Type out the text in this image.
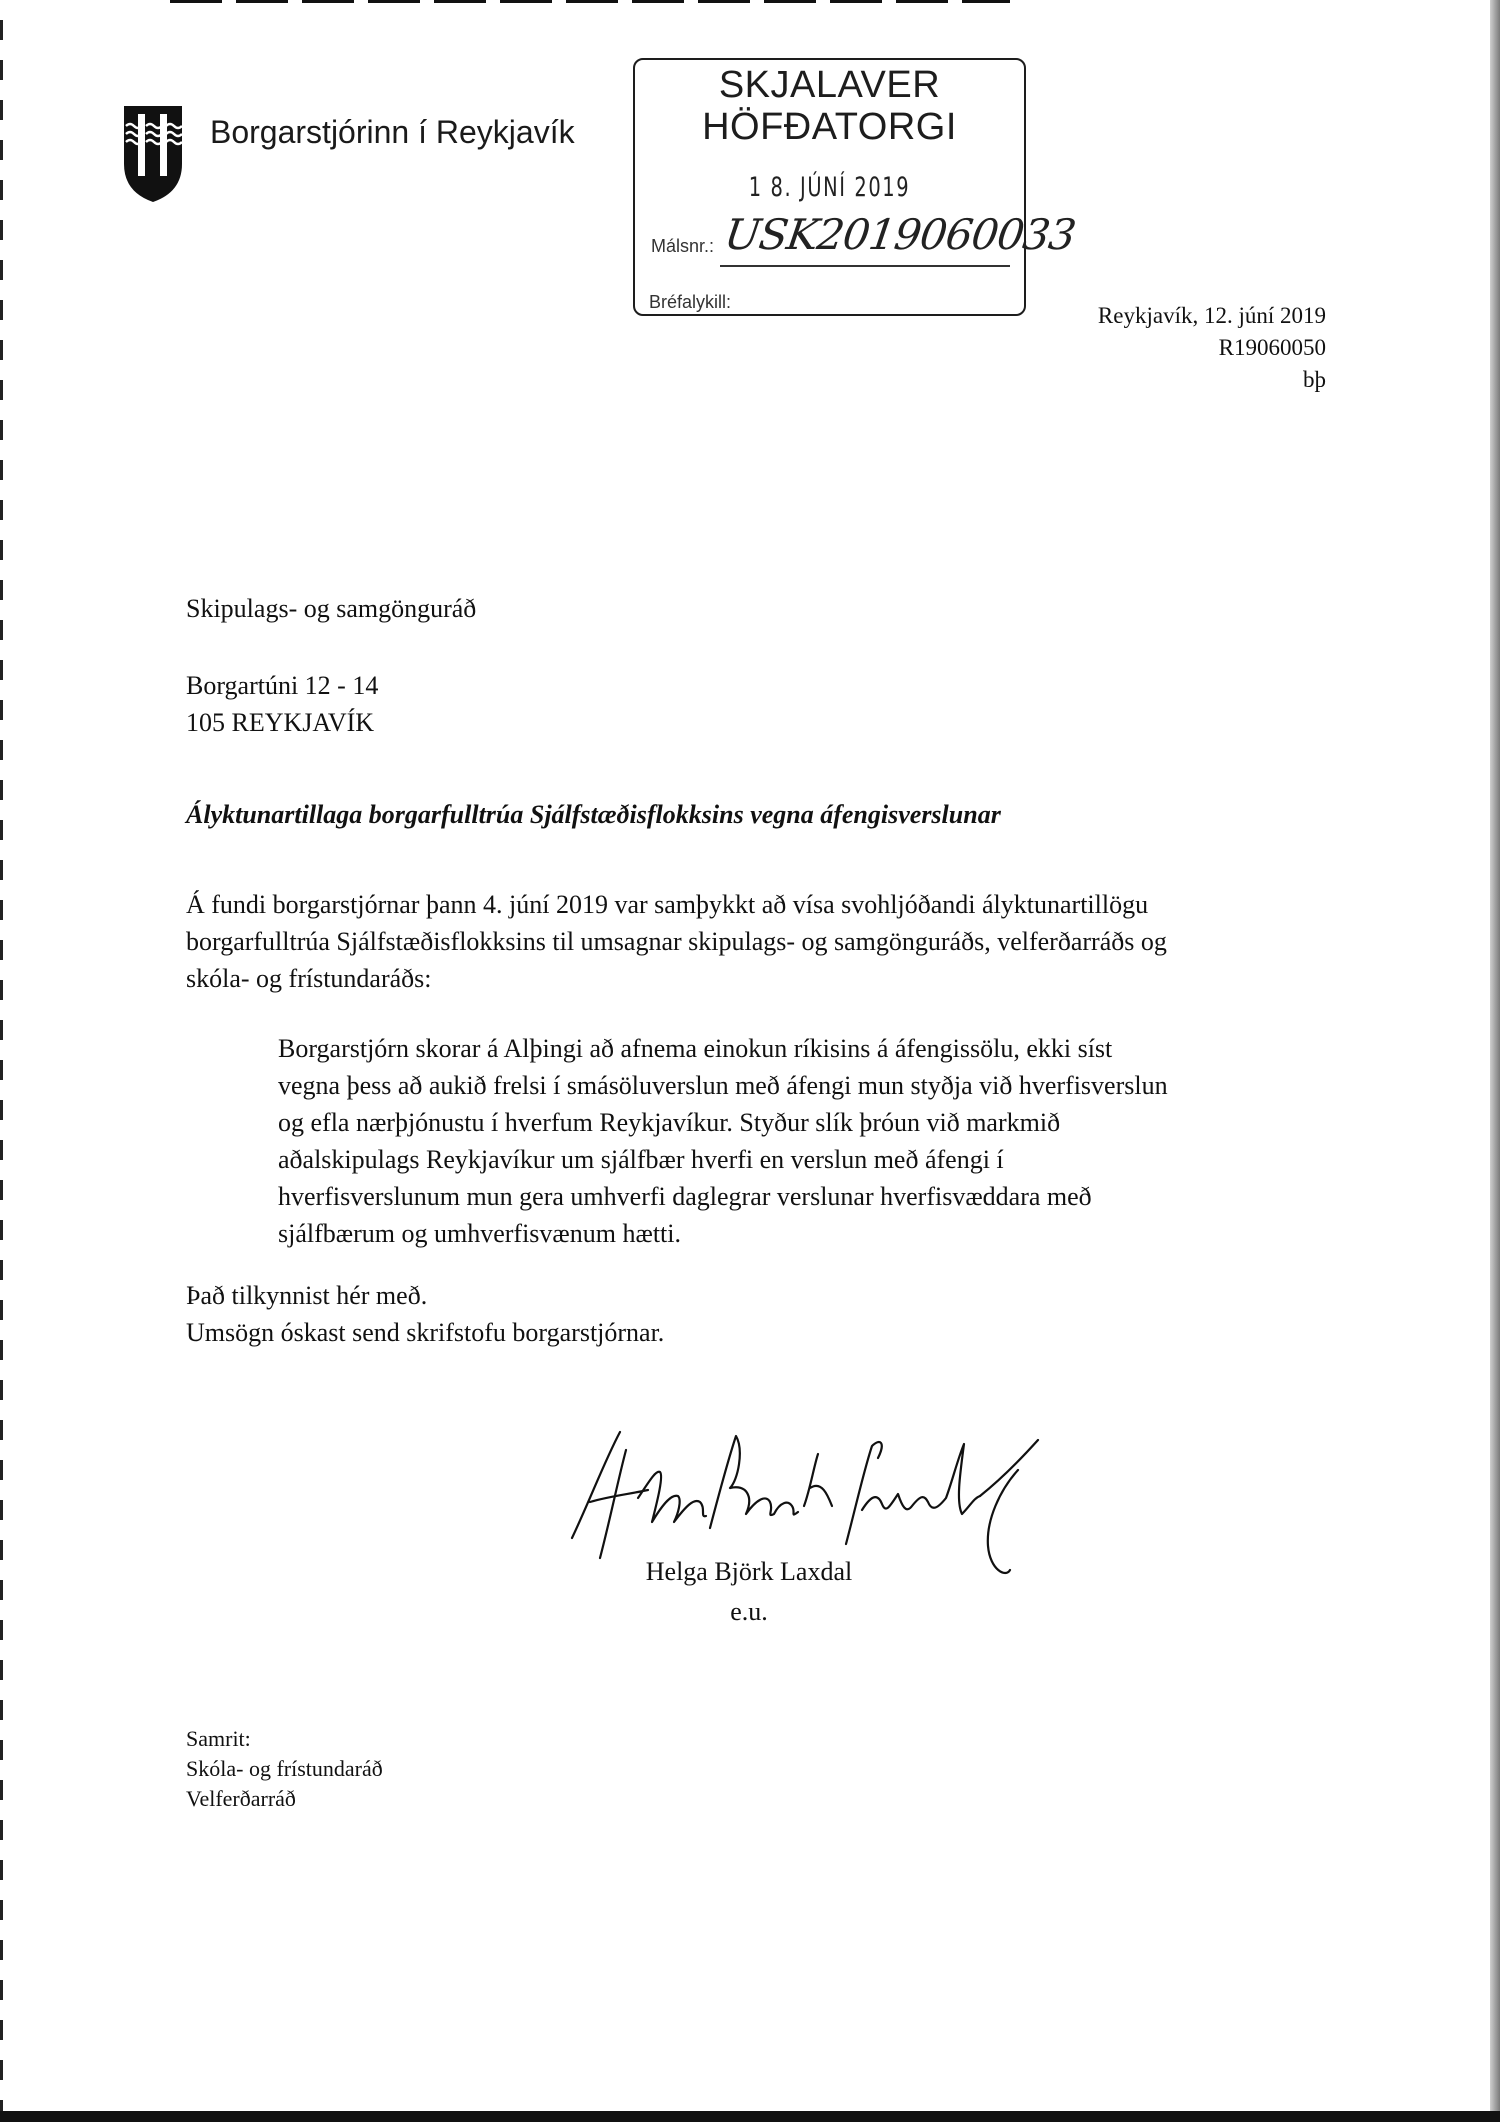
Borgarstjórinn í Reykjavík
SKJALAVER
HÖFÐATORGI
1 8. JÚNÍ 2019
Málsnr.: USK2019060033
Bréfalykill:
Reykjavík, 12. júní 2019
R19060050
bþ
Skipulags- og samgönguráð
Borgartúni 12 - 14
105 REYKJAVÍK
Ályktunartillaga borgarfulltrúa Sjálfstæðisflokksins vegna áfengisverslunar
Á fundi borgarstjórnar þann 4. júní 2019 var samþykkt að vísa svohljóðandi ályktunartillögu
borgarfulltrúa Sjálfstæðisflokksins til umsagnar skipulags- og samgönguráðs, velferðarráðs og
skóla- og frístundaráðs:
Borgarstjórn skorar á Alþingi að afnema einokun ríkisins á áfengissölu, ekki síst
vegna þess að aukið frelsi í smásöluverslun með áfengi mun styðja við hverfisverslun
og efla nærþjónustu í hverfum Reykjavíkur. Styður slík þróun við markmið
aðalskipulags Reykjavíkur um sjálfbær hverfi en verslun með áfengi í
hverfisverslunum mun gera umhverfi daglegrar verslunar hverfisvæddara með
sjálfbærum og umhverfisvænum hætti.
Það tilkynnist hér með.
Umsögn óskast send skrifstofu borgarstjórnar.
Helga Björk Laxdal
e.u.
Samrit:
Skóla- og frístundaráð
Velferðarráð
